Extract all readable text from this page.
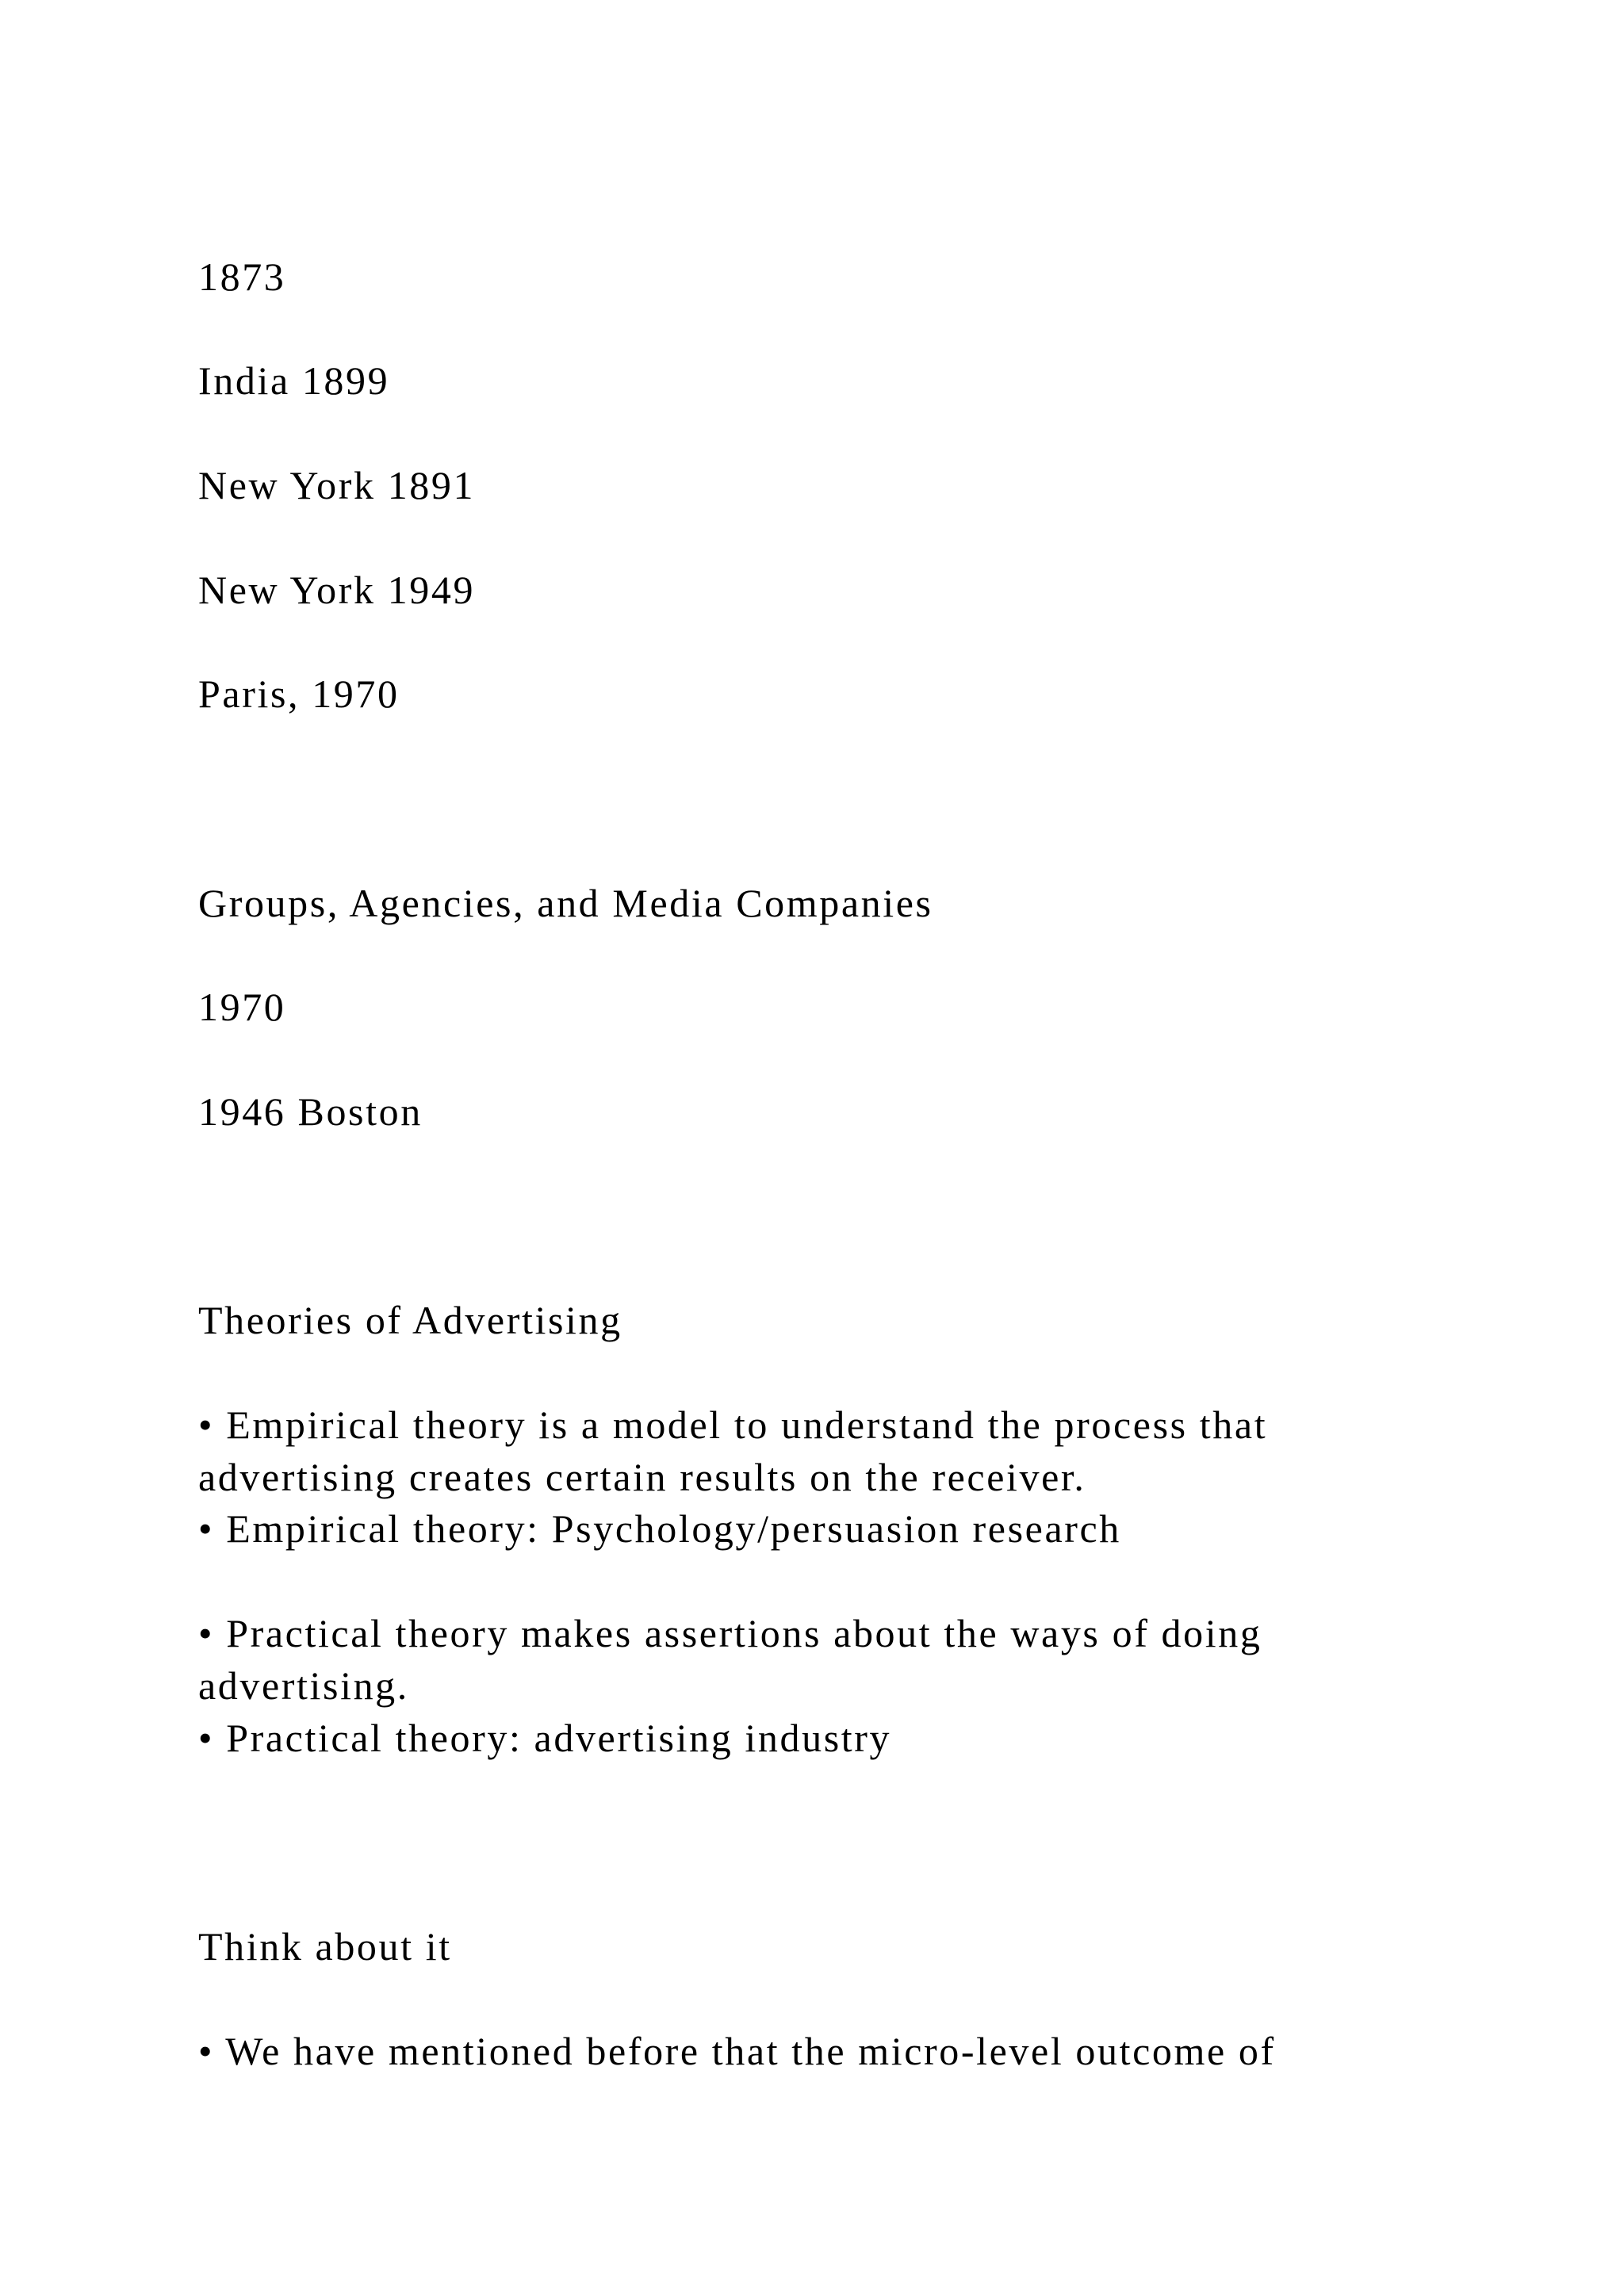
1873

India 1899

New York 1891

New York 1949

Paris, 1970

Groups, Agencies, and Media Companies

1970

1946 Boston

Theories of Advertising

• Empirical theory is a model to understand the process that

advertising creates certain results on the receiver.

• Empirical theory: Psychology/persuasion research

• Practical theory makes assertions about the ways of doing

advertising.

• Practical theory: advertising industry

Think about it

• We have mentioned before that the micro-level outcome of
